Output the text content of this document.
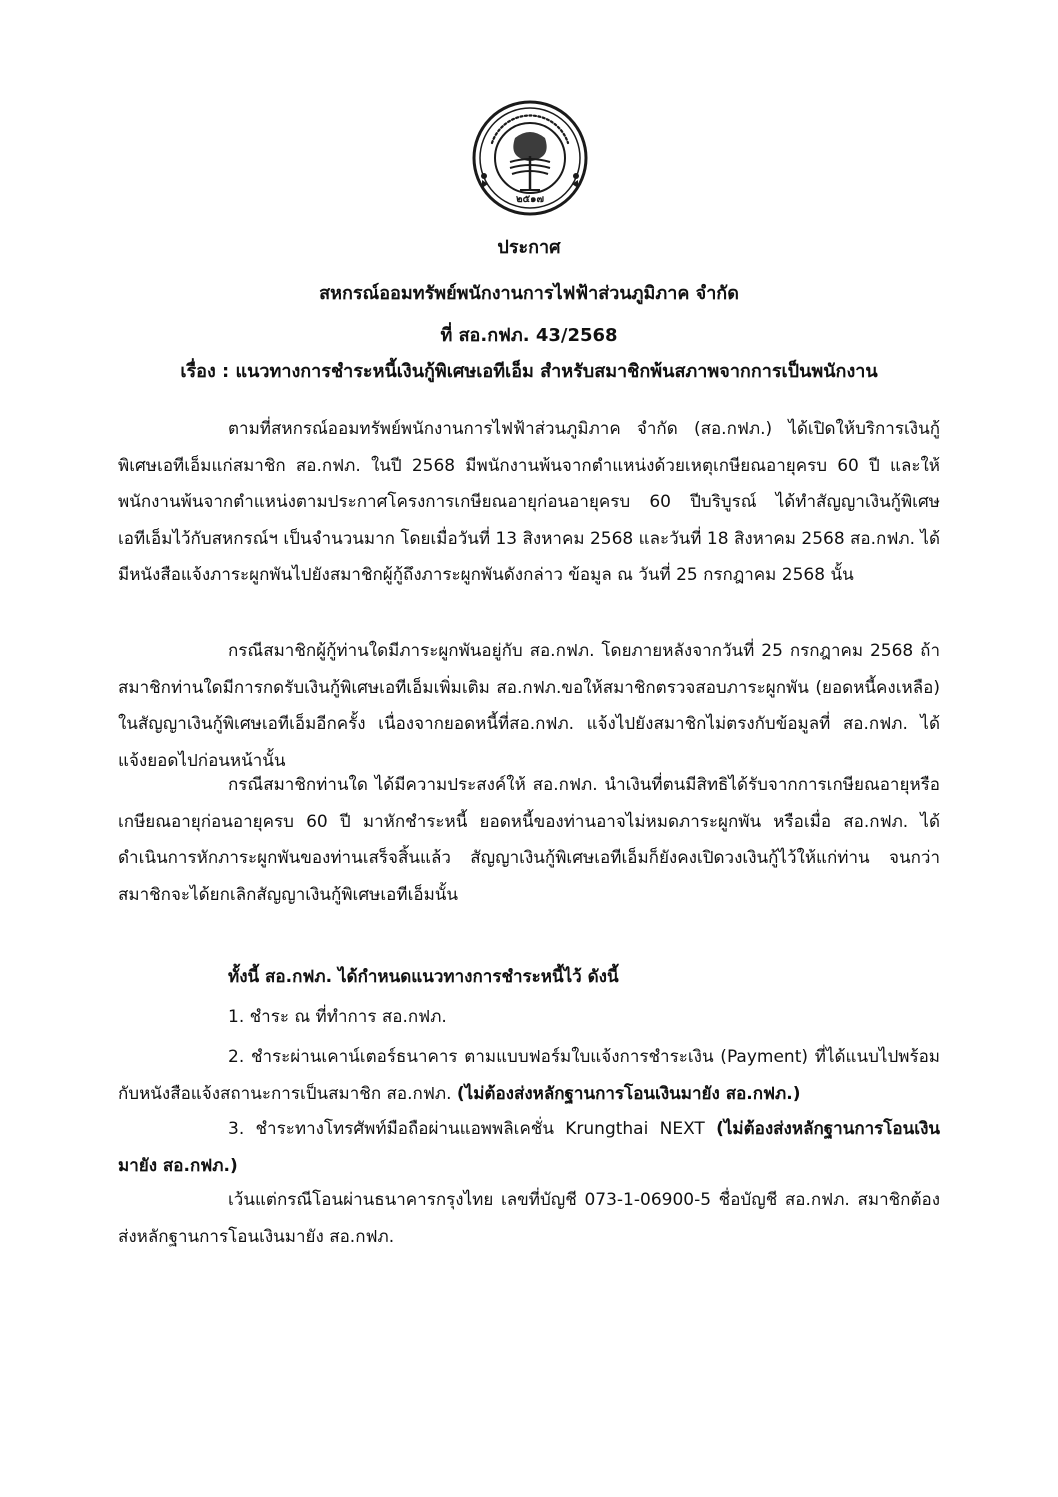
๒๕๑๗
ประกาศ
สหกรณ์ออมทรัพย์พนักงานการไฟฟ้าส่วนภูมิภาค จำกัด
ที่ สอ.กฟภ. 43/2568
เรื่อง : แนวทางการชำระหนี้เงินกู้พิเศษเอทีเอ็ม สำหรับสมาชิกพ้นสภาพจากการเป็นพนักงาน
ตามที่สหกรณ์ออมทรัพย์พนักงานการไฟฟ้าส่วนภูมิภาค จำกัด (สอ.กฟภ.) ได้เปิดให้บริการเงินกู้พิเศษเอทีเอ็มแก่สมาชิก สอ.กฟภ. ในปี 2568 มีพนักงานพ้นจากตำแหน่งด้วยเหตุเกษียณอายุครบ 60 ปี และให้พนักงานพ้นจากตำแหน่งตามประกาศโครงการเกษียณอายุก่อนอายุครบ 60 ปีบริบูรณ์ ได้ทำสัญญาเงินกู้พิเศษเอทีเอ็มไว้กับสหกรณ์ฯ เป็นจำนวนมาก โดยเมื่อวันที่ 13 สิงหาคม 2568 และวันที่ 18 สิงหาคม 2568 สอ.กฟภ. ได้มีหนังสือแจ้งภาระผูกพันไปยังสมาชิกผู้กู้ถึงภาระผูกพันดังกล่าว ข้อมูล ณ วันที่ 25 กรกฎาคม 2568 นั้น
กรณีสมาชิกผู้กู้ท่านใดมีภาระผูกพันอยู่กับ สอ.กฟภ. โดยภายหลังจากวันที่ 25 กรกฎาคม 2568 ถ้าสมาชิกท่านใดมีการกดรับเงินกู้พิเศษเอทีเอ็มเพิ่มเติม สอ.กฟภ.ขอให้สมาชิกตรวจสอบภาระผูกพัน (ยอดหนี้คงเหลือ) ในสัญญาเงินกู้พิเศษเอทีเอ็มอีกครั้ง เนื่องจากยอดหนี้ที่สอ.กฟภ. แจ้งไปยังสมาชิกไม่ตรงกับข้อมูลที่ สอ.กฟภ. ได้แจ้งยอดไปก่อนหน้านั้น
กรณีสมาชิกท่านใด ได้มีความประสงค์ให้ สอ.กฟภ. นำเงินที่ตนมีสิทธิได้รับจากการเกษียณอายุหรือเกษียณอายุก่อนอายุครบ 60 ปี มาหักชำระหนี้ ยอดหนี้ของท่านอาจไม่หมดภาระผูกพัน หรือเมื่อ สอ.กฟภ. ได้ดำเนินการหักภาระผูกพันของท่านเสร็จสิ้นแล้ว สัญญาเงินกู้พิเศษเอทีเอ็มก็ยังคงเปิดวงเงินกู้ไว้ให้แก่ท่าน จนกว่าสมาชิกจะได้ยกเลิกสัญญาเงินกู้พิเศษเอทีเอ็มนั้น
ทั้งนี้ สอ.กฟภ. ได้กำหนดแนวทางการชำระหนี้ไว้ ดังนี้
1. ชำระ ณ ที่ทำการ สอ.กฟภ.
2. ชำระผ่านเคาน์เตอร์ธนาคาร ตามแบบฟอร์มใบแจ้งการชำระเงิน (Payment) ที่ได้แนบไปพร้อมกับหนังสือแจ้งสถานะการเป็นสมาชิก สอ.กฟภ. (ไม่ต้องส่งหลักฐานการโอนเงินมายัง สอ.กฟภ.)
3. ชำระทางโทรศัพท์มือถือผ่านแอพพลิเคชั่น Krungthai NEXT (ไม่ต้องส่งหลักฐานการโอนเงินมายัง สอ.กฟภ.)
เว้นแต่กรณีโอนผ่านธนาคารกรุงไทย เลขที่บัญชี 073-1-06900-5 ชื่อบัญชี สอ.กฟภ. สมาชิกต้องส่งหลักฐานการโอนเงินมายัง สอ.กฟภ.
